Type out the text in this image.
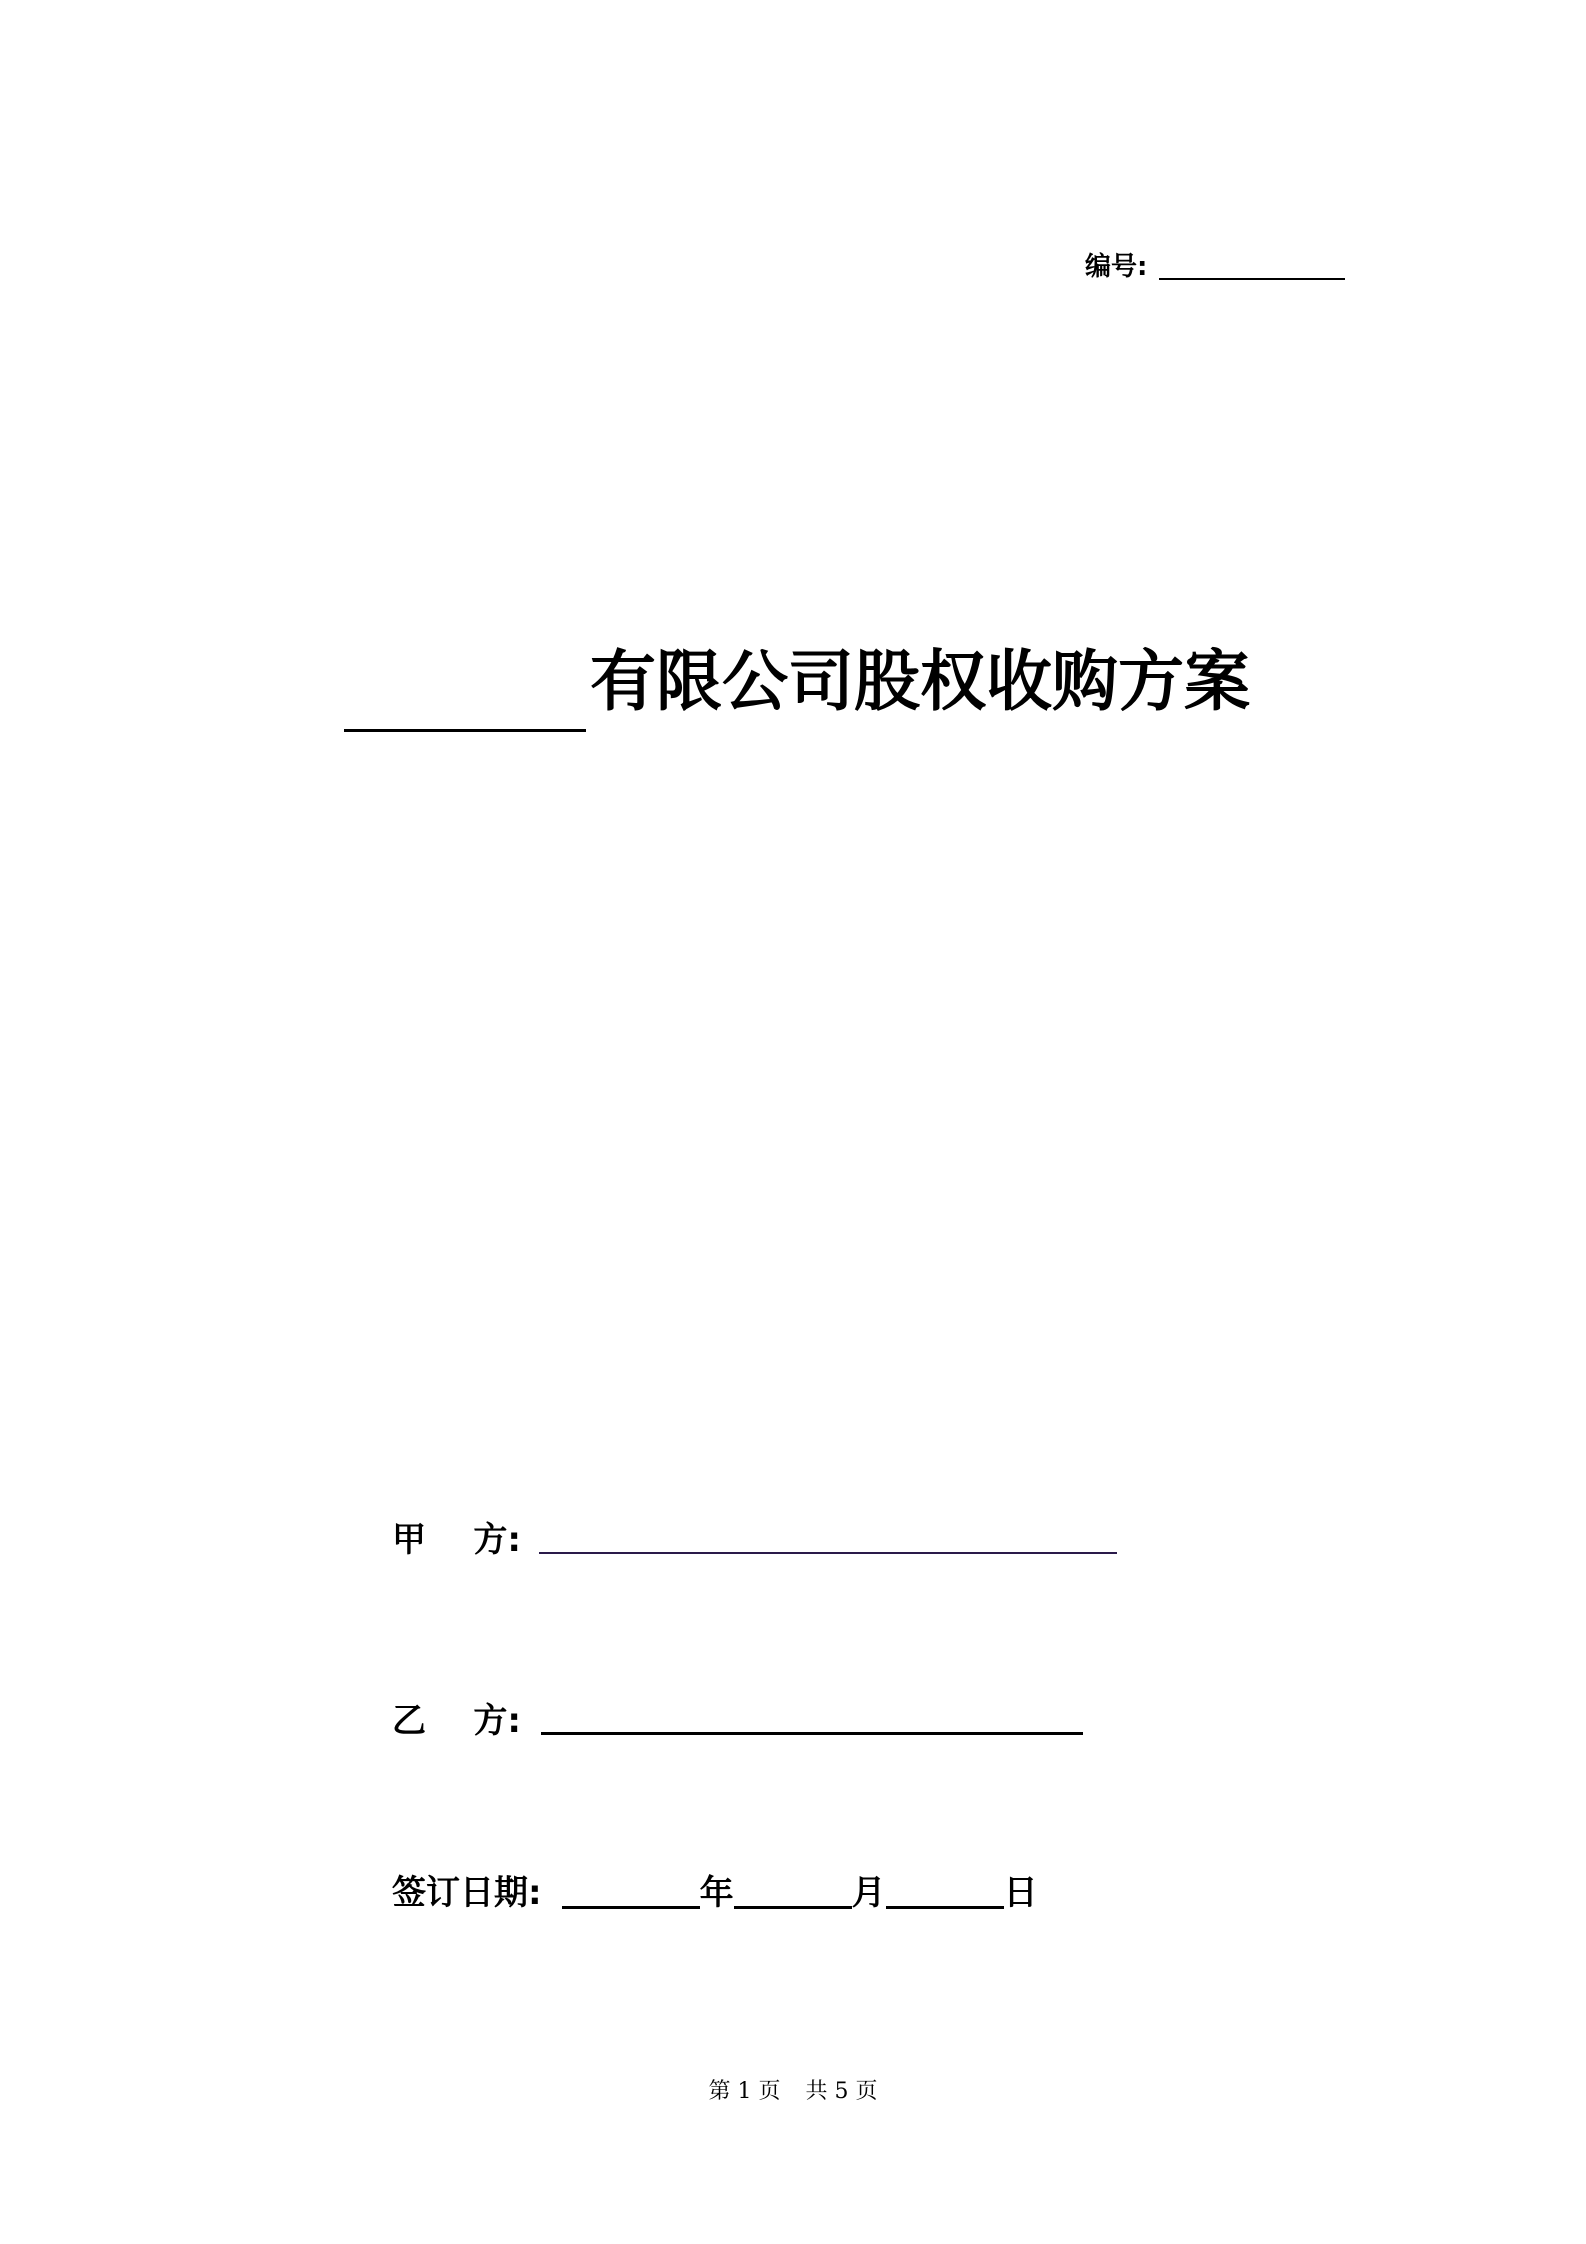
编号:
有限公司股权收购方案
甲    方:
乙    方:
签订日期:	年	月	日
第 1 页 共 5 页
